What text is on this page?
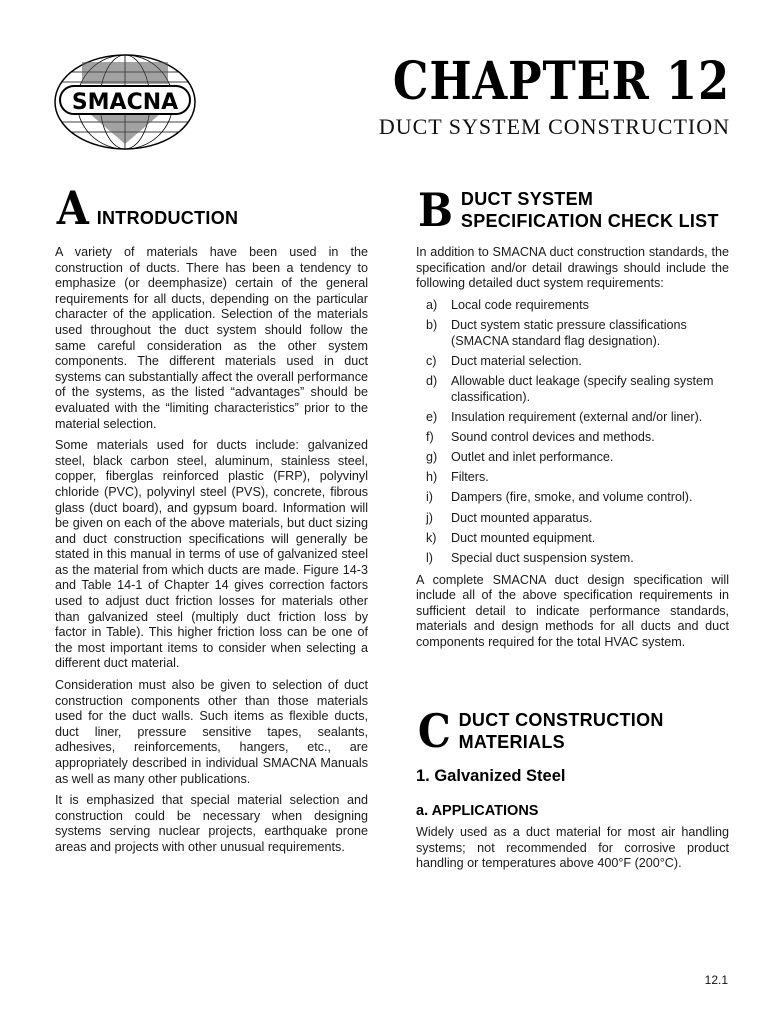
SMACNA	CHAPTER 12
DUCT SYSTEM CONSTRUCTION
A INTRODUCTION

A variety of materials have been used in the construction of ducts. There has been a tendency to emphasize (or deemphasize) certain of the general requirements for all ducts, depending on the particular character of the application. Selection of the materials used throughout the duct system should follow the same careful consideration as the other system components. The different materials used in duct systems can substantially affect the overall performance of the systems, as the listed “advantages” should be evaluated with the “limiting characteristics” prior to the material selection.

Some materials used for ducts include: galvanized steel, black carbon steel, aluminum, stainless steel, copper, fiberglas reinforced plastic (FRP), polyvinyl chloride (PVC), polyvinyl steel (PVS), concrete, fibrous glass (duct board), and gypsum board. Information will be given on each of the above materials, but duct sizing and duct construction specifications will generally be stated in this manual in terms of use of galvanized steel as the material from which ducts are made. Figure 14-3 and Table 14-1 of Chapter 14 gives correction factors used to adjust duct friction losses for materials other than galvanized steel (multiply duct friction loss by factor in Table). This higher friction loss can be one of the most important items to consider when selecting a different duct material.

Consideration must also be given to selection of duct construction components other than those materials used for the duct walls. Such items as flexible ducts, duct liner, pressure sensitive tapes, sealants, adhesives, reinforcements, hangers, etc., are appropriately described in individual SMACNA Manuals as well as many other publications.

It is emphasized that special material selection and construction could be necessary when designing systems serving nuclear projects, earthquake prone areas and projects with other unusual requirements.

B DUCT SYSTEM
SPECIFICATION CHECK LIST

In addition to SMACNA duct construction standards, the specification and/or detail drawings should include the following detailed duct system requirements:

a)	Local code requirements
b)	Duct system static pressure classifications (SMACNA standard flag designation).
c)	Duct material selection.
d)	Allowable duct leakage (specify sealing system classification).
e)	Insulation requirement (external and/or liner).
f)	Sound control devices and methods.
g)	Outlet and inlet performance.
h)	Filters.
i)	Dampers (fire, smoke, and volume control).
j)	Duct mounted apparatus.
k)	Duct mounted equipment.
l)	Special duct suspension system.

A complete SMACNA duct design specification will include all of the above specification requirements in sufficient detail to indicate performance standards, materials and design methods for all ducts and duct components required for the total HVAC system.

C DUCT CONSTRUCTION
MATERIALS
1. Galvanized Steel
a. APPLICATIONS

Widely used as a duct material for most air handling systems; not recommended for corrosive product handling or temperatures above 400°F (200°C).

12.1
